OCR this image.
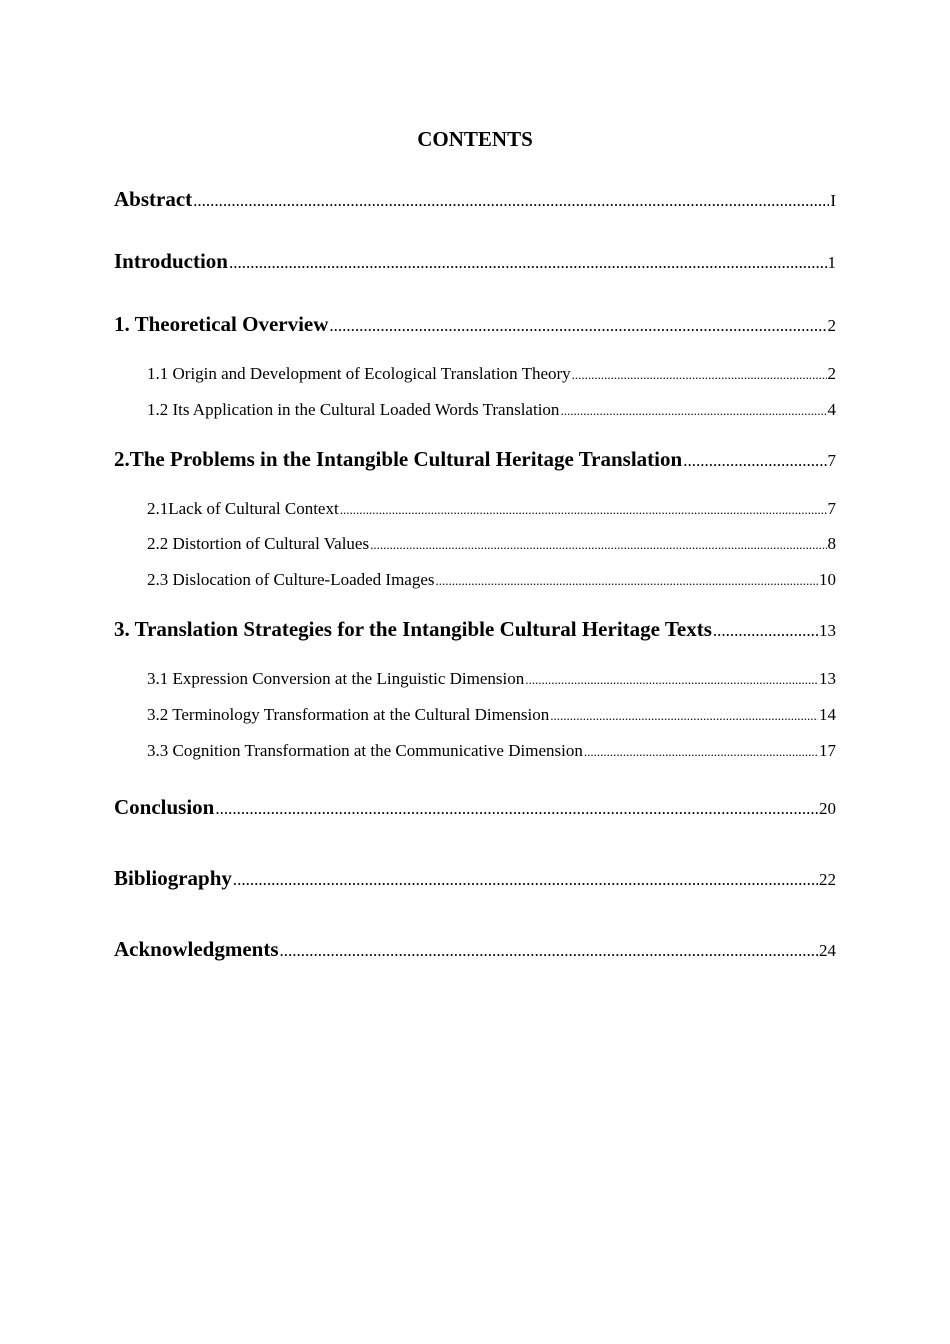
CONTENTS
Abstract .....	I
Introduction .....	1
1. Theoretical Overview .....	2
1.1 Origin and Development of Ecological Translation Theory .....	2
1.2 Its Application in the Cultural Loaded Words Translation .....	4
2.The Problems in the Intangible Cultural Heritage Translation .....	7
2.1Lack of Cultural Context .....	7
2.2 Distortion of Cultural Values .....	8
2.3 Dislocation of Culture-Loaded Images .....	10
3. Translation Strategies for the Intangible Cultural Heritage Texts .....	13
3.1 Expression Conversion at the Linguistic Dimension .....	13
3.2 Terminology Transformation at the Cultural Dimension .....	14
3.3 Cognition Transformation at the Communicative Dimension .....	17
Conclusion .....	20
Bibliography .....	22
Acknowledgments .....	24
